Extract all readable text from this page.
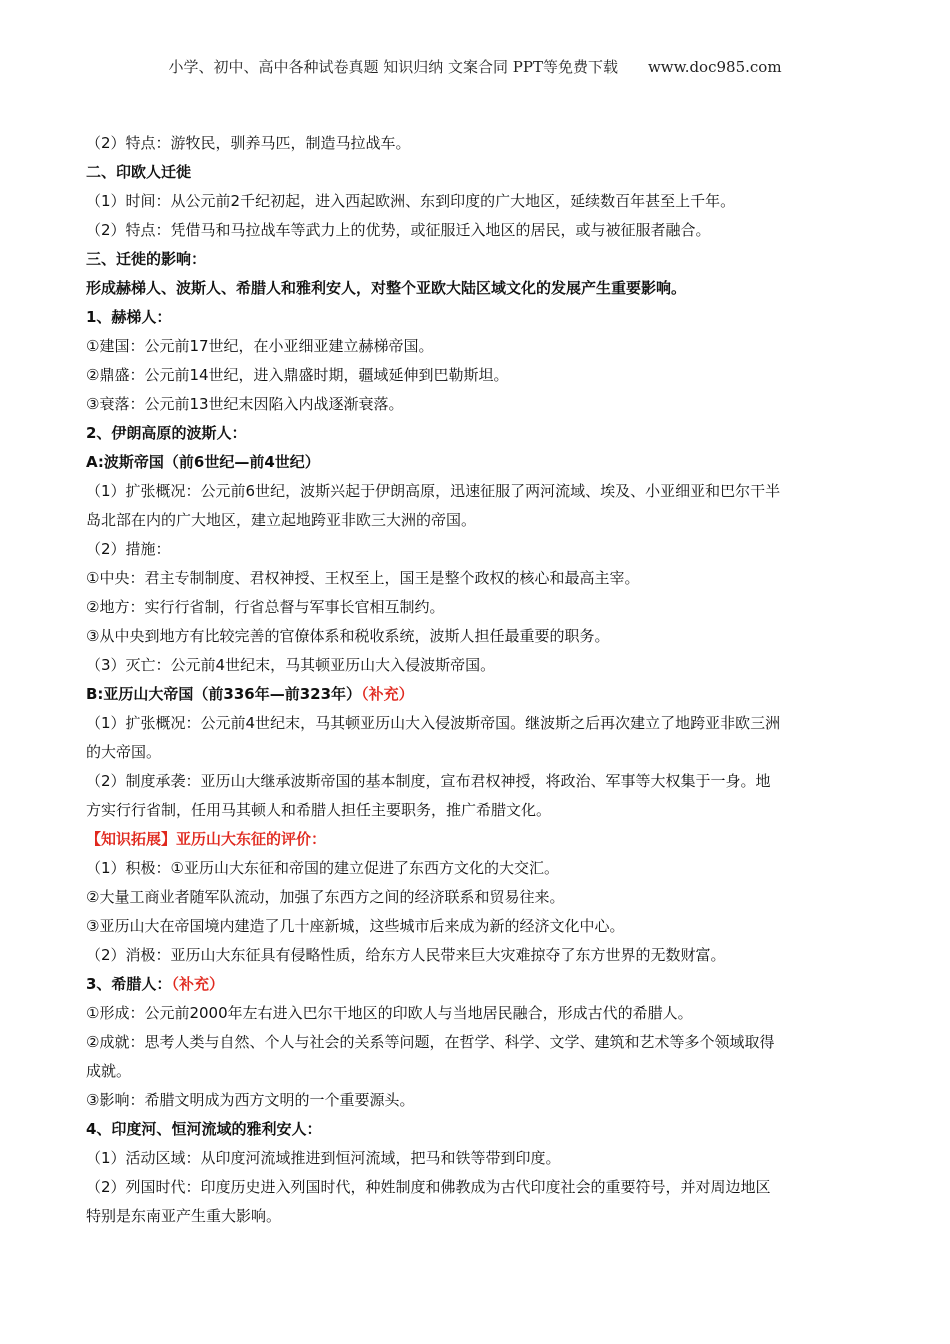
小学、初中、高中各种试卷真题 知识归纳 文案合同 PPT等免费下载　　www.doc985.com
（2）特点：游牧民，驯养马匹，制造马拉战车。
二、印欧人迁徙
（1）时间：从公元前2千纪初起，进入西起欧洲、东到印度的广大地区，延续数百年甚至上千年。
（2）特点：凭借马和马拉战车等武力上的优势，或征服迁入地区的居民，或与被征服者融合。
三、迁徙的影响：
形成赫梯人、波斯人、希腊人和雅利安人，对整个亚欧大陆区域文化的发展产生重要影响。
1、赫梯人：
①建国：公元前17世纪，在小亚细亚建立赫梯帝国。
②鼎盛：公元前14世纪，进入鼎盛时期，疆域延伸到巴勒斯坦。
③衰落：公元前13世纪末因陷入内战逐渐衰落。
2、伊朗高原的波斯人：
A:波斯帝国（前6世纪—前4世纪）
（1）扩张概况：公元前6世纪，波斯兴起于伊朗高原，迅速征服了两河流域、埃及、小亚细亚和巴尔干半
岛北部在内的广大地区，建立起地跨亚非欧三大洲的帝国。
（2）措施：
①中央：君主专制制度、君权神授、王权至上，国王是整个政权的核心和最高主宰。
②地方：实行行省制，行省总督与军事长官相互制约。
③从中央到地方有比较完善的官僚体系和税收系统，波斯人担任最重要的职务。
（3）灭亡：公元前4世纪末，马其顿亚历山大入侵波斯帝国。
B:亚历山大帝国（前336年—前323年）（补充）
（1）扩张概况：公元前4世纪末，马其顿亚历山大入侵波斯帝国。继波斯之后再次建立了地跨亚非欧三洲
的大帝国。
（2）制度承袭：亚历山大继承波斯帝国的基本制度，宣布君权神授，将政治、军事等大权集于一身。地
方实行行省制，任用马其顿人和希腊人担任主要职务，推广希腊文化。
【知识拓展】亚历山大东征的评价：
（1）积极：①亚历山大东征和帝国的建立促进了东西方文化的大交汇。
②大量工商业者随军队流动，加强了东西方之间的经济联系和贸易往来。
③亚历山大在帝国境内建造了几十座新城，这些城市后来成为新的经济文化中心。
（2）消极：亚历山大东征具有侵略性质，给东方人民带来巨大灾难掠夺了东方世界的无数财富。
3、希腊人：（补充）
①形成：公元前2000年左右进入巴尔干地区的印欧人与当地居民融合，形成古代的希腊人。
②成就：思考人类与自然、个人与社会的关系等问题，在哲学、科学、文学、建筑和艺术等多个领域取得
成就。
③影响：希腊文明成为西方文明的一个重要源头。
4、印度河、恒河流域的雅利安人：
（1）活动区域：从印度河流域推进到恒河流域，把马和铁等带到印度。
（2）列国时代：印度历史进入列国时代，种姓制度和佛教成为古代印度社会的重要符号，并对周边地区
特别是东南亚产生重大影响。
